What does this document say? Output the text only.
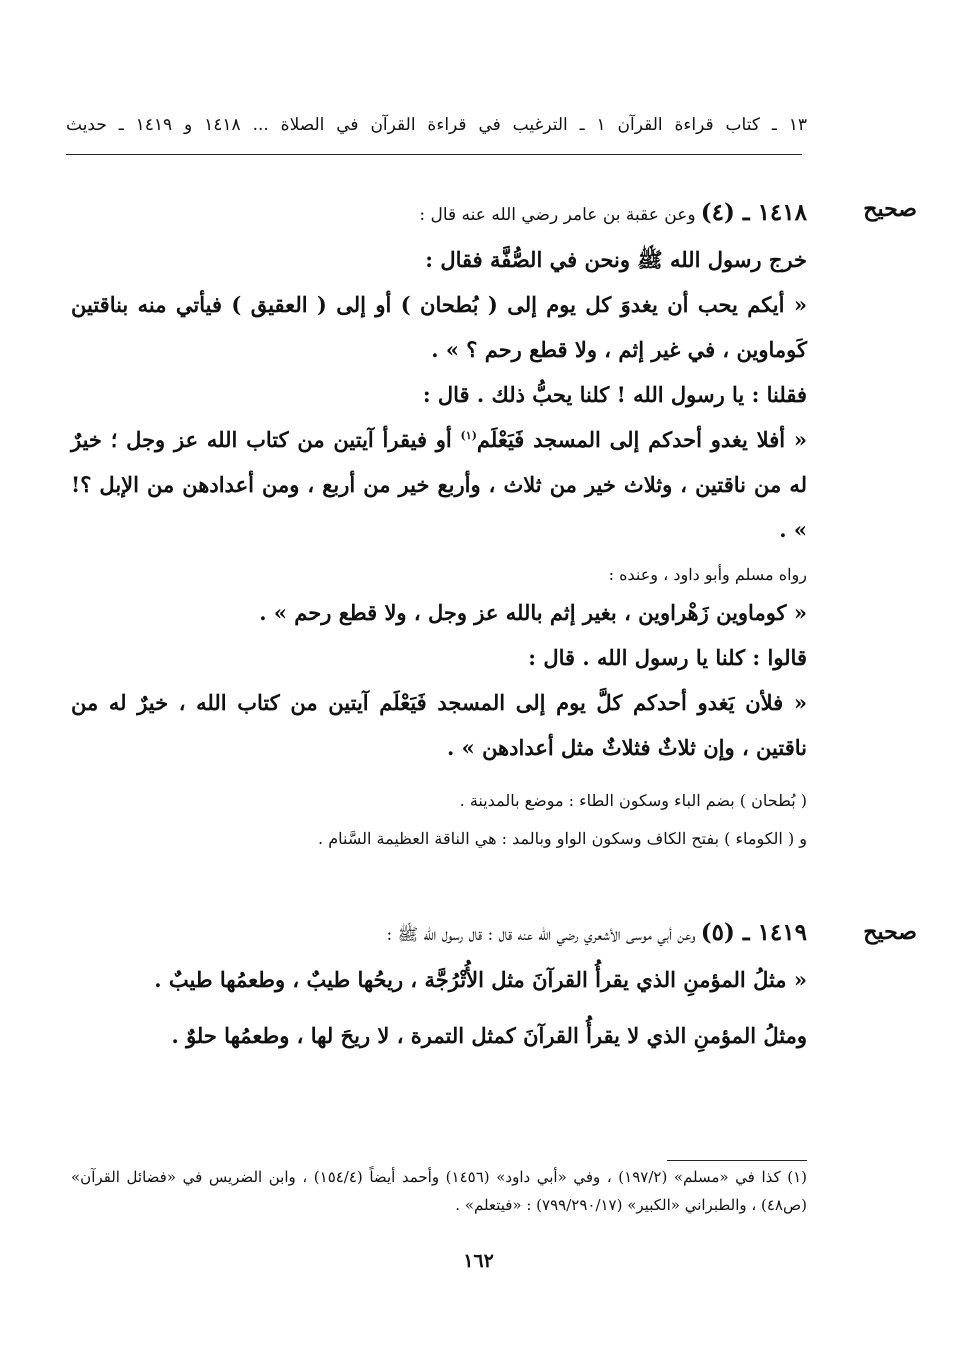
١٣ ـ كتاب قراءة القرآن ١ ـ الترغيب في قراءة القرآن في الصلاة ... ١٤١٨ و ١٤١٩ ـ حديث
صحيح

١٤١٨ ـ (٤) وعن عقبة بن عامر رضي الله عنه قال :

خرج رسول الله ﷺ ونحن في الصُّفَّة فقال :

« أيكم يحب أن يغدوَ كل يوم إلى ( بُطحان ) أو إلى ( العقيق ) فيأتي منه بناقتين كَوماوين ، في غير إثم ، ولا قطع رحم ؟ » .

فقلنا : يا رسول الله ! كلنا يحبُّ ذلك . قال :

« أفلا يغدو أحدكم إلى المسجد فَيَعْلَم$^{(١)}$ أو فيقرأ آيتين من كتاب الله عز وجل ؛ خيرٌ له من ناقتين ، وثلاث خير من ثلاث ، وأربع خير من أربع ، ومن أعدادهن من الإبل ؟! » .

رواه مسلم وأبو داود ، وعنده :

« كوماوين زَهْراوين ، بغير إثم بالله عز وجل ، ولا قطع رحم » .

قالوا : كلنا يا رسول الله . قال :

« فلأن يَغدو أحدكم كلَّ يوم إلى المسجد فَيَعْلَم آيتين من كتاب الله ، خيرٌ له من ناقتين ، وإن ثلاثٌ فثلاثٌ مثل أعدادهن » .

( بُطحان ) بضم الباء وسكون الطاء : موضع بالمدينة .

و ( الكوماء ) بفتح الكاف وسكون الواو وبالمد : هي الناقة العظيمة السَّنام .

صحيح

١٤١٩ ـ (٥) وعن أبي موسى الأشعري رضي الله عنه قال : قال رسول الله ﷺ :

« مثلُ المؤمنِ الذي يقرأُ القرآنَ مثل الأُتْرُجَّة ، ريحُها طيبٌ ، وطعمُها طيبٌ .

ومثلُ المؤمنِ الذي لا يقرأُ القرآنَ كمثل التمرة ، لا ريحَ لها ، وطعمُها حلوٌ .

(١) كذا في «مسلم» (١٩٧/٢) ، وفي «أبي داود» (١٤٥٦) وأحمد أيضاً (١٥٤/٤) ، وابن الضريس في «فضائل القرآن» (ص٤٨) ، والطبراني «الكبير» (٧٩٩/٢٩٠/١٧) : «فيتعلم» .

١٦٢
